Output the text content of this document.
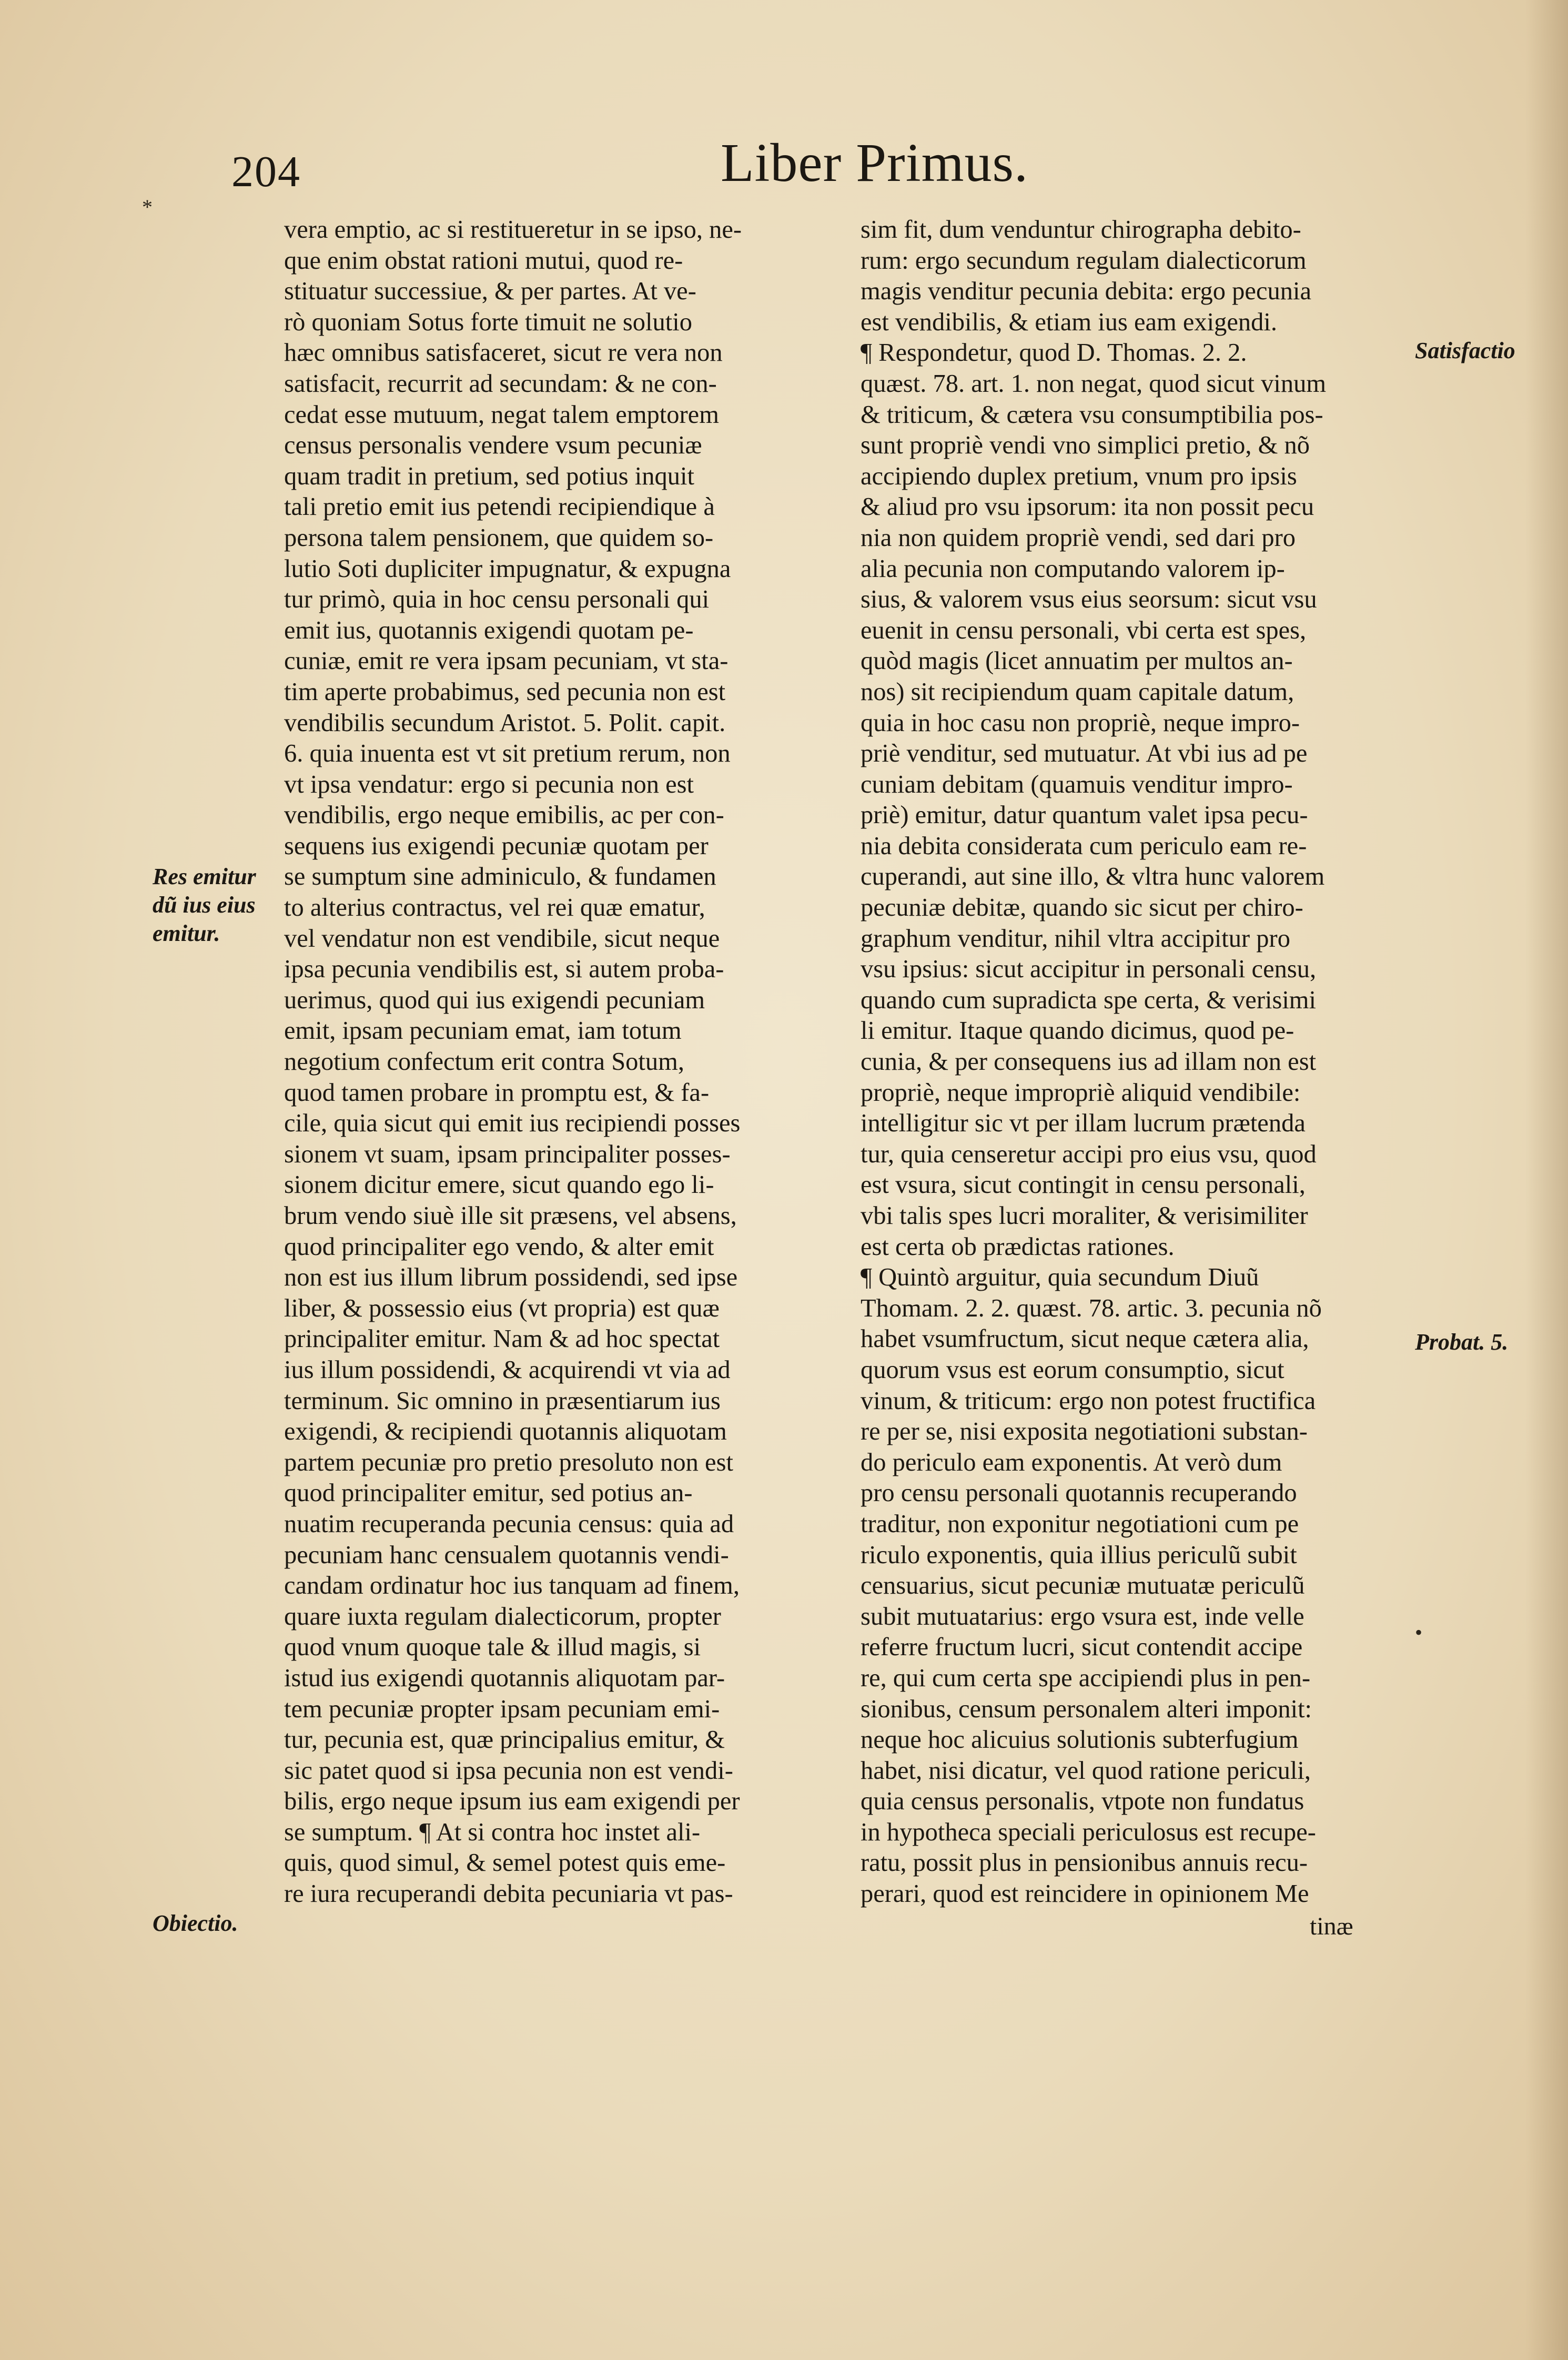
*
•
204	Liber Primus.
vera emptio, ac si restitueretur in se ipso, ne-
que enim obstat rationi mutui, quod re-
stituatur successiue, & per partes. At ve-
rò quoniam Sotus forte timuit ne solutio
hæc omnibus satisfaceret, sicut re vera non
satisfacit, recurrit ad secundam: & ne con-
cedat esse mutuum, negat talem emptorem
census personalis vendere vsum pecuniæ
quam tradit in pretium, sed potius inquit
tali pretio emit ius petendi recipiendique à
persona talem pensionem, que quidem so-
lutio Soti dupliciter impugnatur, & expugna
tur primò, quia in hoc censu personali qui
emit ius, quotannis exigendi quotam pe-
cuniæ, emit re vera ipsam pecuniam, vt sta-
tim aperte probabimus, sed pecunia non est
vendibilis secundum Aristot. 5. Polit. capit.
6. quia inuenta est vt sit pretium rerum, non
vt ipsa vendatur: ergo si pecunia non est
vendibilis, ergo neque emibilis, ac per con-
sequens ius exigendi pecuniæ quotam per
se sumptum sine adminiculo, & fundamen
to alterius contractus, vel rei quæ ematur,
vel vendatur non est vendibile, sicut neque
ipsa pecunia vendibilis est, si autem proba-
uerimus, quod qui ius exigendi pecuniam
emit, ipsam pecuniam emat, iam totum
negotium confectum erit contra Sotum,
quod tamen probare in promptu est, & fa-
cile, quia sicut qui emit ius recipiendi posses
sionem vt suam, ipsam principaliter posses-
sionem dicitur emere, sicut quando ego li-
brum vendo siuè ille sit præsens, vel absens,
quod principaliter ego vendo, & alter emit
non est ius illum librum possidendi, sed ipse
liber, & possessio eius (vt propria) est quæ
principaliter emitur. Nam & ad hoc spectat
ius illum possidendi, & acquirendi vt via ad
terminum. Sic omnino in præsentiarum ius
exigendi, & recipiendi quotannis aliquotam
partem pecuniæ pro pretio presoluto non est
quod principaliter emitur, sed potius an-
nuatim recuperanda pecunia census: quia ad
pecuniam hanc censualem quotannis vendi-
candam ordinatur hoc ius tanquam ad finem,
quare iuxta regulam dialecticorum, propter
quod vnum quoque tale & illud magis, si
istud ius exigendi quotannis aliquotam par-
tem pecuniæ propter ipsam pecuniam emi-
tur, pecunia est, quæ principalius emitur, &
sic patet quod si ipsa pecunia non est vendi-
bilis, ergo neque ipsum ius eam exigendi per
se sumptum. ¶ At si contra hoc instet ali-
quis, quod simul, & semel potest quis eme-
re iura recuperandi debita pecuniaria vt pas-
sim fit, dum venduntur chirographa debito-
rum: ergo secundum regulam dialecticorum
magis venditur pecunia debita: ergo pecunia
est vendibilis, & etiam ius eam exigendi.
¶ Respondetur, quod D. Thomas. 2. 2.
quæst. 78. art. 1. non negat, quod sicut vinum
& triticum, & cætera vsu consumptibilia pos-
sunt propriè vendi vno simplici pretio, & nõ
accipiendo duplex pretium, vnum pro ipsis
& aliud pro vsu ipsorum: ita non possit pecu
nia non quidem propriè vendi, sed dari pro
alia pecunia non computando valorem ip-
sius, & valorem vsus eius seorsum: sicut vsu
euenit in censu personali, vbi certa est spes,
quòd magis (licet annuatim per multos an-
nos) sit recipiendum quam capitale datum,
quia in hoc casu non propriè, neque impro-
priè venditur, sed mutuatur. At vbi ius ad pe
cuniam debitam (quamuis venditur impro-
priè) emitur, datur quantum valet ipsa pecu-
nia debita considerata cum periculo eam re-
cuperandi, aut sine illo, & vltra hunc valorem
pecuniæ debitæ, quando sic sicut per chiro-
graphum venditur, nihil vltra accipitur pro
vsu ipsius: sicut accipitur in personali censu,
quando cum supradicta spe certa, & verisimi
li emitur. Itaque quando dicimus, quod pe-
cunia, & per consequens ius ad illam non est
propriè, neque impropriè aliquid vendibile:
intelligitur sic vt per illam lucrum prætenda
tur, quia censeretur accipi pro eius vsu, quod
est vsura, sicut contingit in censu personali,
vbi talis spes lucri moraliter, & verisimiliter
est certa ob prædictas rationes.
¶ Quintò arguitur, quia secundum Diuũ
Thomam. 2. 2. quæst. 78. artic. 3. pecunia nõ
habet vsumfructum, sicut neque cætera alia,
quorum vsus est eorum consumptio, sicut
vinum, & triticum: ergo non potest fructifica
re per se, nisi exposita negotiationi substan-
do periculo eam exponentis. At verò dum
pro censu personali quotannis recuperando
traditur, non exponitur negotiationi cum pe
riculo exponentis, quia illius periculũ subit
censuarius, sicut pecuniæ mutuatæ periculũ
subit mutuatarius: ergo vsura est, inde velle
referre fructum lucri, sicut contendit accipe
re, qui cum certa spe accipiendi plus in pen-
sionibus, censum personalem alteri imponit:
neque hoc alicuius solutionis subterfugium
habet, nisi dicatur, vel quod ratione periculi,
quia census personalis, vtpote non fundatus
in hypotheca speciali periculosus est recupe-
ratu, possit plus in pensionibus annuis recu-
perari, quod est reincidere in opinionem Me
Res emitur
dũ ius eius
emitur.
Obiectio.
Satisfactio
Probat. 5.
tinæ
